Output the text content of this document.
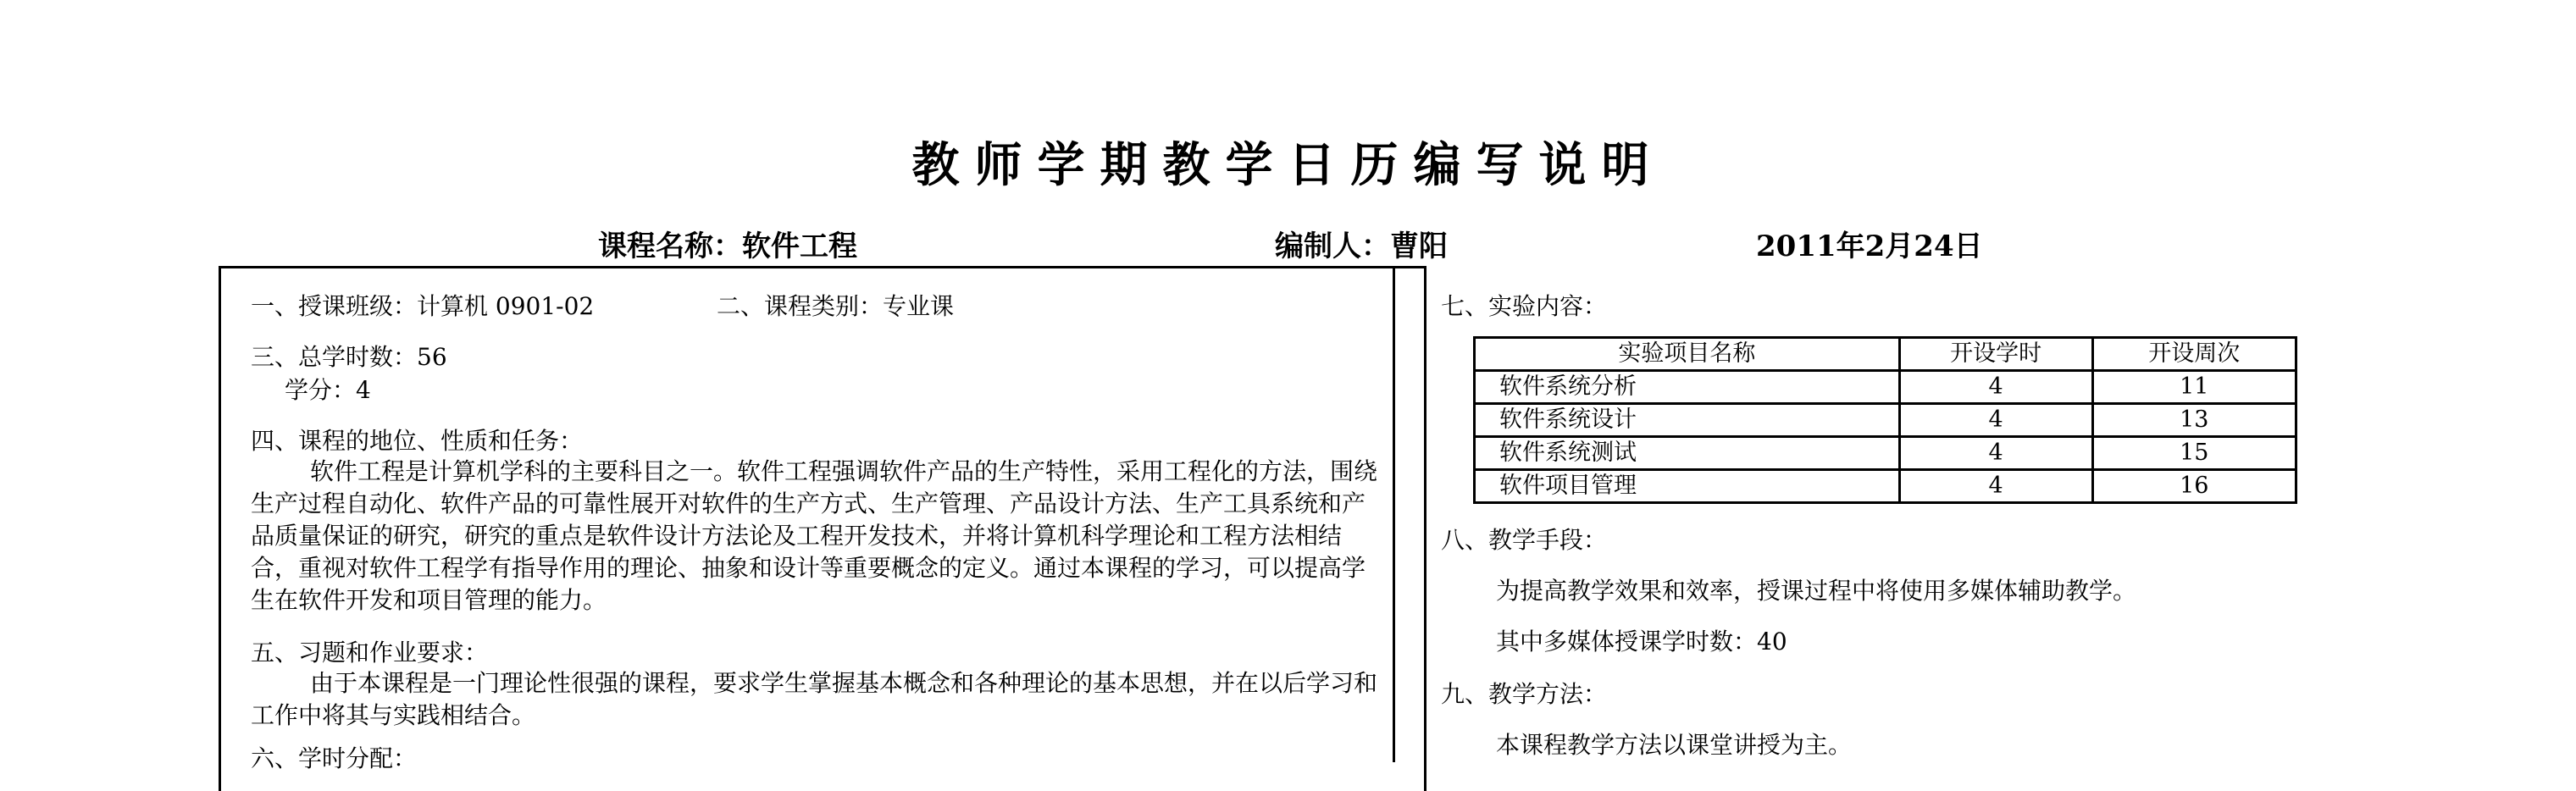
教师学期教学日历编写说明
课程名称：软件工程	编制人：曹阳	2011年2月24日
一、授课班级：计算机 0901-02	二、课程类别：专业课
三、总学时数：56
学分：4
四、课程的地位、性质和任务：
软件工程是计算机学科的主要科目之一。软件工程强调软件产品的生产特性，采用工程化的方法，围绕生产过程自动化、软件产品的可靠性展开对软件的生产方式、生产管理、产品设计方法、生产工具系统和产品质量保证的研究，研究的重点是软件设计方法论及工程开发技术，并将计算机科学理论和工程方法相结合，重视对软件工程学有指导作用的理论、抽象和设计等重要概念的定义。通过本课程的学习，可以提高学生在软件开发和项目管理的能力。
五、习题和作业要求：
由于本课程是一门理论性很强的课程，要求学生掌握基本概念和各种理论的基本思想，并在以后学习和工作中将其与实践相结合。
六、学时分配：
七、实验内容：
实验项目名称	开设学时	开设周次
软件系统分析	4	11
软件系统设计	4	13
软件系统测试	4	15
软件项目管理	4	16
八、教学手段：
为提高教学效果和效率，授课过程中将使用多媒体辅助教学。
其中多媒体授课学时数：40
九、教学方法：
本课程教学方法以课堂讲授为主。
